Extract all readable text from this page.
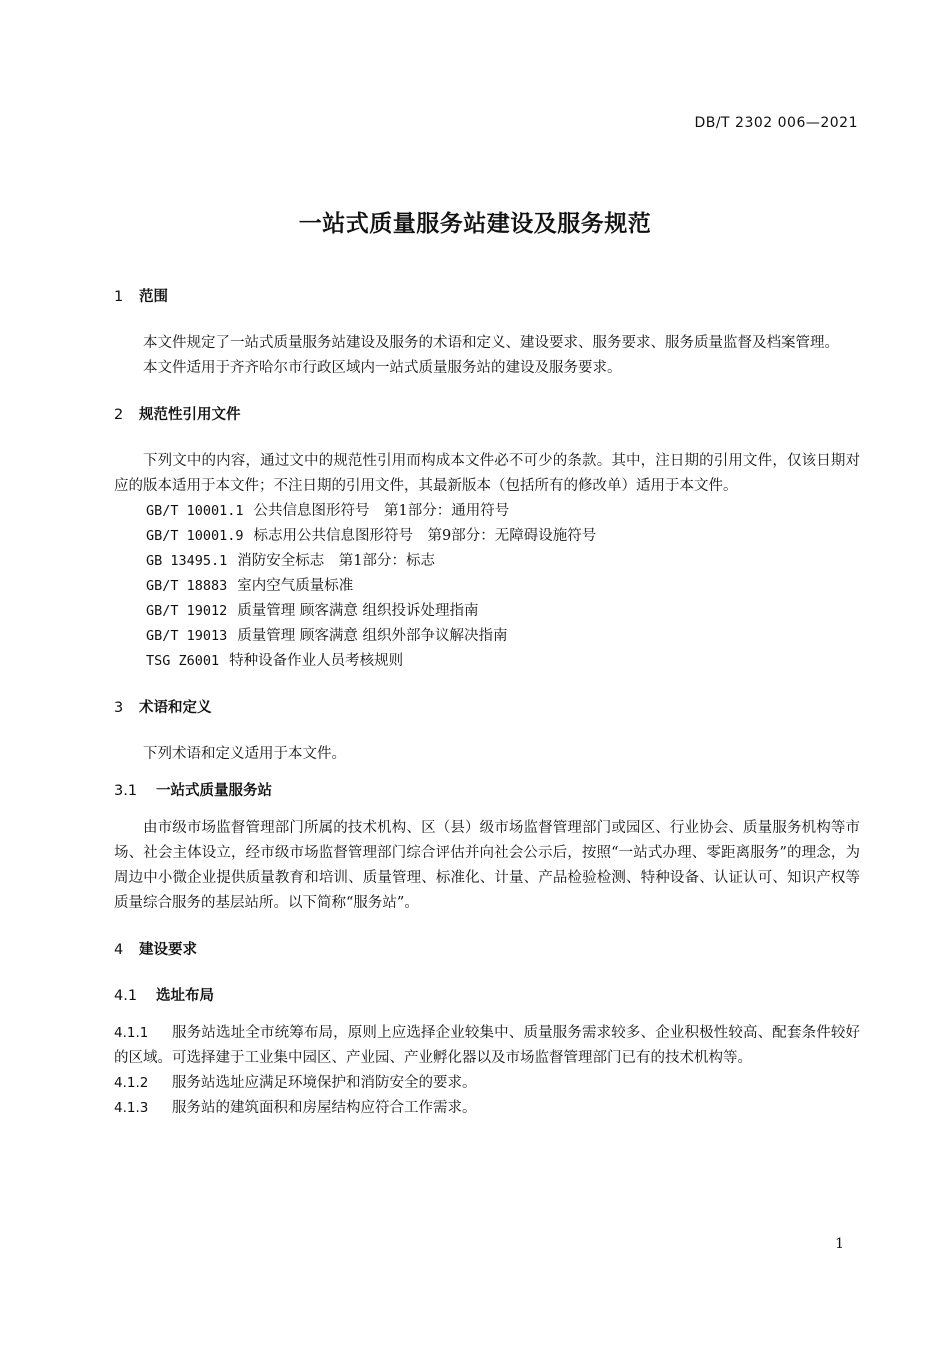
DB/T 2302 006—2021
一站式质量服务站建设及服务规范
1 范围

本文件规定了一站式质量服务站建设及服务的术语和定义、建设要求、服务要求、服务质量监督及档案管理。

本文件适用于齐齐哈尔市行政区域内一站式质量服务站的建设及服务要求。

2 规范性引用文件

下列文中的内容，通过文中的规范性引用而构成本文件必不可少的条款。其中，注日期的引用文件，仅该日期对应的版本适用于本文件；不注日期的引用文件，其最新版本（包括所有的修改单）适用于本文件。

GB/T 10001.1 公共信息图形符号　第1部分：通用符号
GB/T 10001.9 标志用公共信息图形符号　第9部分：无障碍设施符号
GB 13495.1 消防安全标志　第1部分：标志
GB/T 18883 室内空气质量标准
GB/T 19012 质量管理 顾客满意 组织投诉处理指南
GB/T 19013 质量管理 顾客满意 组织外部争议解决指南
TSG Z6001 特种设备作业人员考核规则
3 术语和定义

下列术语和定义适用于本文件。

3.1 一站式质量服务站

由市级市场监督管理部门所属的技术机构、区（县）级市场监督管理部门或园区、行业协会、质量服务机构等市场、社会主体设立，经市级市场监督管理部门综合评估并向社会公示后，按照“一站式办理、零距离服务”的理念，为周边中小微企业提供质量教育和培训、质量管理、标准化、计量、产品检验检测、特种设备、认证认可、知识产权等质量综合服务的基层站所。以下简称“服务站”。

4 建设要求
4.1 选址布局

4.1.1 服务站选址全市统筹布局，原则上应选择企业较集中、质量服务需求较多、企业积极性较高、配套条件较好的区域。可选择建于工业集中园区、产业园、产业孵化器以及市场监督管理部门已有的技术机构等。

4.1.2 服务站选址应满足环境保护和消防安全的要求。

4.1.3 服务站的建筑面积和房屋结构应符合工作需求。

1
